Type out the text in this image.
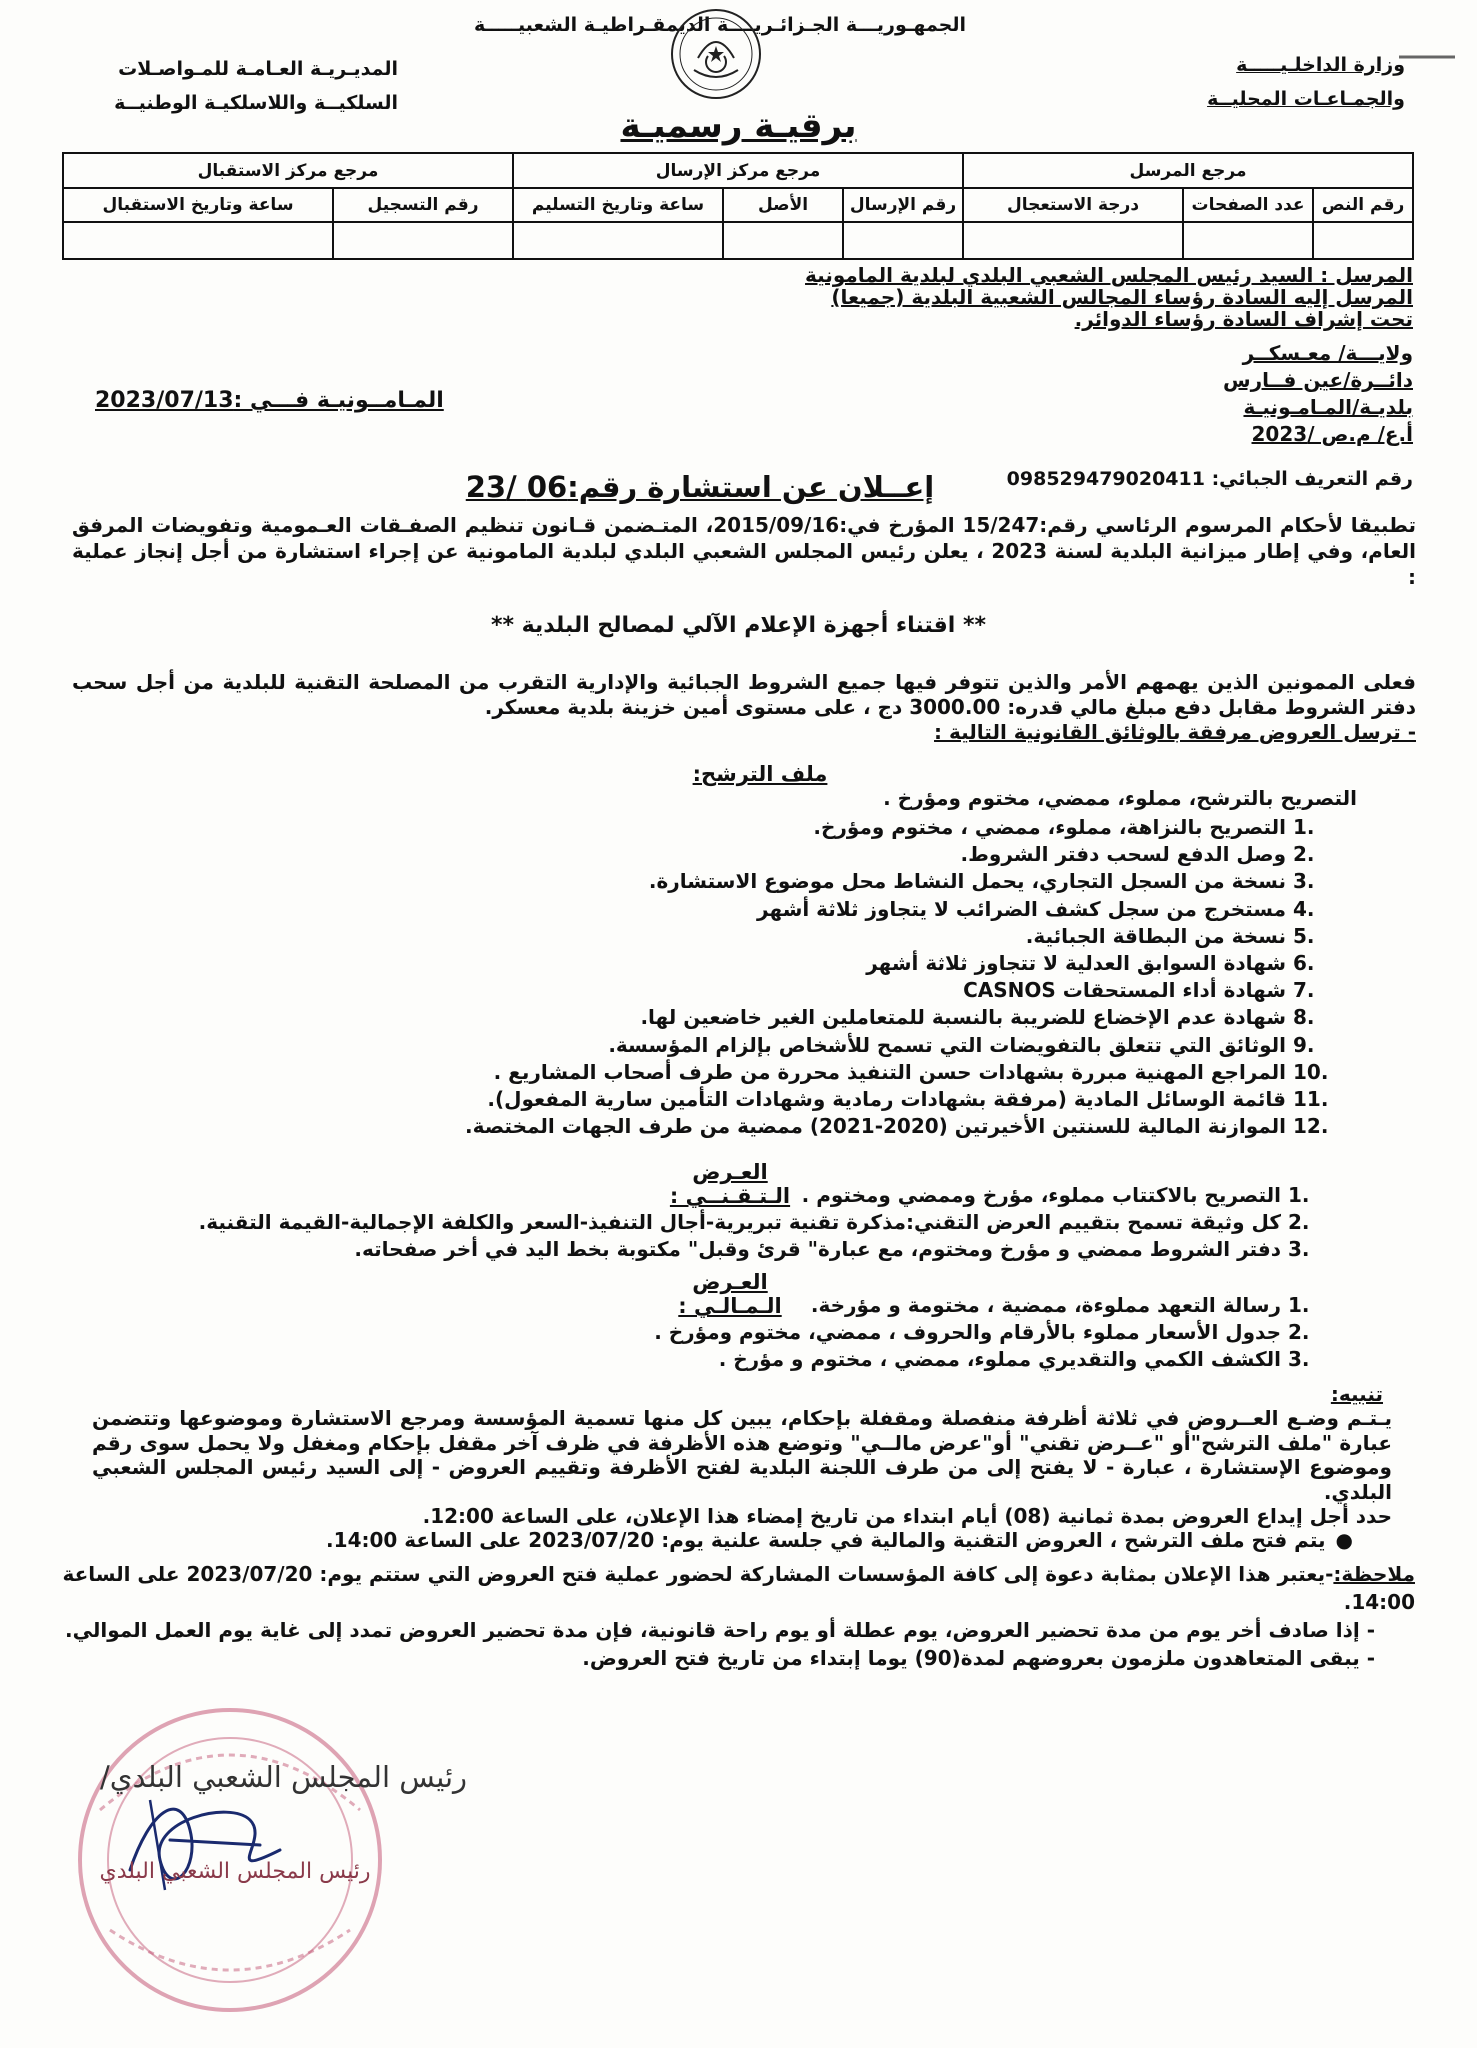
الجمهـوريـــة الجـزائـريــــة الديمقـراطيـة الشعبيـــــة
وزارة الداخلـيـــــة
والجمـاعـات المحليــة
المديـريـة العـامـة للمـواصـلات
السلكيــة واللاسلكيـة الوطنيــة
برقيـة رسميـة
مرجع المرسل			مرجع مركز الإرسال			مرجع مركز الاستقبال	
رقم النص	عدد الصفحات	درجة الاستعجال	رقم الإرسال	الأصل	ساعة وتاريخ التسليم	رقم التسجيل	ساعة وتاريخ الاستقبال

المرسل : السيد رئيس المجلس الشعبي البلدي لبلدية المامونية
المرسل إليه السادة رؤساء المجالس الشعبية البلدية (جميعا)
تحت إشراف السادة رؤساء الدوائر.
ولايـــة/ معـسكــر
دائــرة/عين فــارس
بلديـة/المـامـونيـة
أ.ع/ م.ص /2023
المـامــونيـة فـــي :2023/07/13
رقم التعريف الجبائي: 09852947902041‌1
إعــلان عن استشارة رقم:06 /23
تطبيقا لأحكام المرسوم الرئاسي رقم:15/247 المؤرخ في:2015/09/16، المتـضمن قـانون تنظيم الصفـقات العـمومية وتفويضات المرفق العام، وفي إطار ميزانية البلدية لسنة 2023 ، يعلن رئيس المجلس الشعبي البلدي لبلدية المامونية عن إجراء استشارة من أجل إنجاز عملية :
** اقتناء أجهزة الإعلام الآلي لمصالح البلدية **
فعلى الممونين الذين يهمهم الأمر والذين تتوفر فيها جميع الشروط الجبائية والإدارية التقرب من المصلحة التقنية للبلدية من أجل سحب دفتر الشروط مقابل دفع مبلغ مالي قدره: 3000.00 دج ، على مستوى أمين خزينة بلدية معسكر.
- ترسل العروض مرفقة بالوثائق القانونية التالية :
ملف الترشح:
التصريح بالترشح، مملوء، ممضي، مختوم ومؤرخ .
1. التصريح بالنزاهة، مملوء، ممضي ، مختوم ومؤرخ.
2. وصل الدفع لسحب دفتر الشروط.
3. نسخة من السجل التجاري، يحمل النشاط محل موضوع الاستشارة.
4. مستخرج من سجل كشف الضرائب لا يتجاوز ثلاثة أشهر
5. نسخة من البطاقة الجبائية.
6. شهادة السوابق العدلية لا تتجاوز ثلاثة أشهر
7. شهادة أداء المستحقات CASNOS
8. شهادة عدم الإخضاع للضريبة بالنسبة للمتعاملين الغير خاضعين لها.
9. الوثائق التي تتعلق بالتفويضات التي تسمح للأشخاص بإلزام المؤسسة.
10. المراجع المهنية مبررة بشهادات حسن التنفيذ محررة من طرف أصحاب المشاريع .
11. قائمة الوسائل المادية (مرفقة بشهادات رمادية وشهادات التأمين سارية المفعول).
12. الموازنة المالية للسنتين الأخيرتين (2020-2021) ممضية من طرف الجهات المختصة.
العـرض الـتـقـنــي :	1. التصريح بالاكتتاب مملوء، مؤرخ وممضي ومختوم .
2. كل وثيقة تسمح بتقييم العرض التقني:مذكرة تقنية تبريرية-أجال التنفيذ-السعر والكلفة الإجمالية-القيمة التقنية.
3. دفتر الشروط ممضي و مؤرخ ومختوم، مع عبارة" قرئ وقبل" مكتوبة بخط اليد في أخر صفحاته.
العـرض الـمـالـي :	1. رسالة التعهد مملوءة، ممضية ، مختومة و مؤرخة.
2. جدول الأسعار مملوء بالأرقام والحروف ، ممضي، مختوم ومؤرخ .
3. الكشف الكمي والتقديري مملوء، ممضي ، مختوم و مؤرخ .
تنبيه:
يـتـم وضـع العــروض في ثلاثة أظرفة منفصلة ومقفلة بإحكام، يبين كل منها تسمية المؤسسة ومرجع الاستشارة وموضوعها وتتضمن عبارة "ملف الترشح"أو "عــرض تقني" أو"عرض مالــي" وتوضع هذه الأظرفة في ظرف آخر مقفل بإحكام ومغفل ولا يحمل سوى رقم وموضوع الإستشارة ، عبارة - لا يفتح إلى من طرف اللجنة البلدية لفتح الأظرفة وتقييم العروض - إلى السيد رئيس المجلس الشعبي البلدي.
حدد أجل إيداع العروض بمدة ثمانية (08) أيام ابتداء من تاريخ إمضاء هذا الإعلان، على الساعة 12:00.
●يتم فتح ملف الترشح ، العروض التقنية والمالية في جلسة علنية يوم: 2023/07/20 على الساعة 14:00.
ملاحظة:-يعتبر هذا الإعلان بمثابة دعوة إلى كافة المؤسسات المشاركة لحضور عملية فتح العروض التي ستتم يوم: 2023/07/20 على الساعة 14:00.
- إذا صادف أخر يوم من مدة تحضير العروض، يوم عطلة أو يوم راحة قانونية، فإن مدة تحضير العروض تمدد إلى غاية يوم العمل الموالي.
- يبقى المتعاهدون ملزمون بعروضهم لمدة(90) يوما إبتداء من تاريخ فتح العروض.
رئيس المجلس الشعبي البلدي/
رئيس المجلس الشعبي البلدي
